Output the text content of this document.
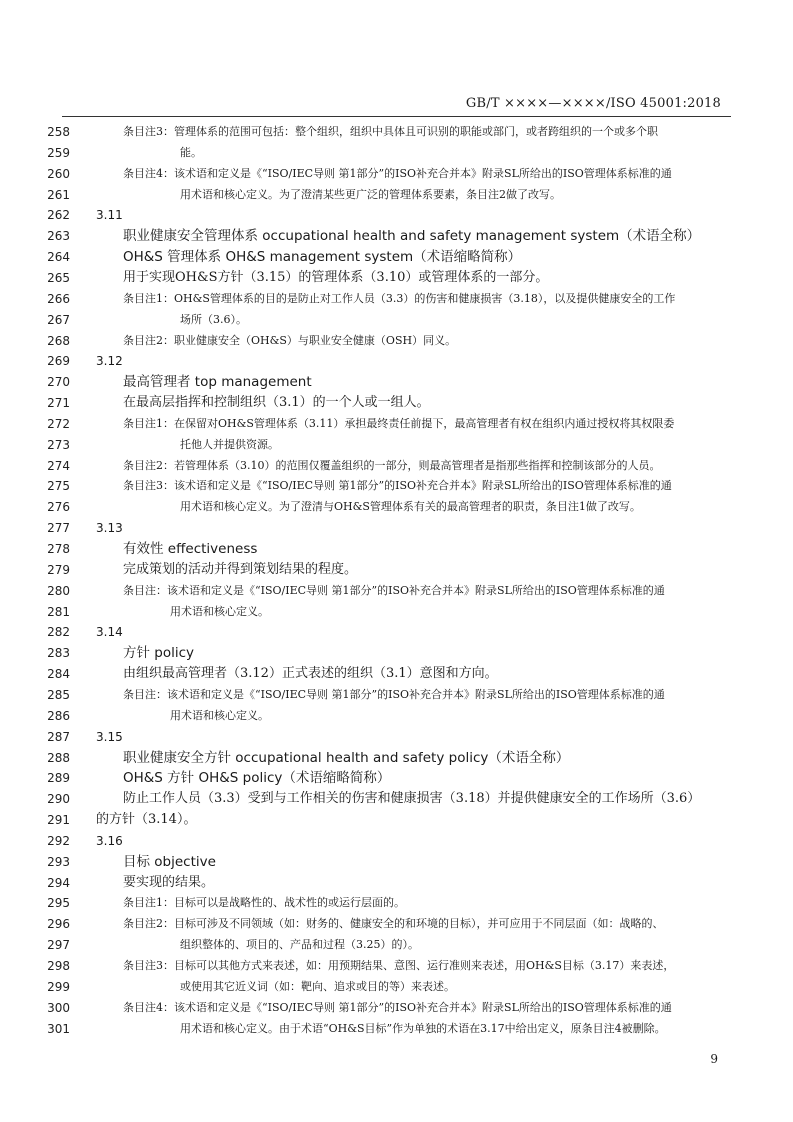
GB/T ××××—××××/ISO 45001:2018
258	条目注3：管理体系的范围可包括：整个组织，组织中具体且可识别的职能或部门，或者跨组织的一个或多个职
259	能。
260	条目注4：该术语和定义是《“ISO/IEC导则 第1部分”的ISO补充合并本》附录SL所给出的ISO管理体系标准的通
261	用术语和核心定义。为了澄清某些更广泛的管理体系要素，条目注2做了改写。
262 3.11
263	职业健康安全管理体系 occupational health and safety management system（术语全称）
264	OH&S 管理体系 OH&S management system（术语缩略简称）
265	用于实现OH&S方针（3.15）的管理体系（3.10）或管理体系的一部分。
266	条目注1：OH&S管理体系的目的是防止对工作人员（3.3）的伤害和健康损害（3.18），以及提供健康安全的工作
267	场所（3.6）。
268	条目注2：职业健康安全（OH&S）与职业安全健康（OSH）同义。
269 3.12
270	最高管理者 top management
271	在最高层指挥和控制组织（3.1）的一个人或一组人。
272	条目注1：在保留对OH&S管理体系（3.11）承担最终责任前提下，最高管理者有权在组织内通过授权将其权限委
273	托他人并提供资源。
274	条目注2：若管理体系（3.10）的范围仅覆盖组织的一部分，则最高管理者是指那些指挥和控制该部分的人员。
275	条目注3：该术语和定义是《“ISO/IEC导则 第1部分”的ISO补充合并本》附录SL所给出的ISO管理体系标准的通
276	用术语和核心定义。为了澄清与OH&S管理体系有关的最高管理者的职责，条目注1做了改写。
277 3.13
278	有效性 effectiveness
279	完成策划的活动并得到策划结果的程度。
280	条目注：该术语和定义是《“ISO/IEC导则 第1部分”的ISO补充合并本》附录SL所给出的ISO管理体系标准的通
281	用术语和核心定义。
282 3.14
283	方针 policy
284	由组织最高管理者（3.12）正式表述的组织（3.1）意图和方向。
285	条目注：该术语和定义是《“ISO/IEC导则 第1部分”的ISO补充合并本》附录SL所给出的ISO管理体系标准的通
286	用术语和核心定义。
287 3.15
288	职业健康安全方针 occupational health and safety policy（术语全称）
289	OH&S 方针 OH&S policy（术语缩略简称）
290	防止工作人员（3.3）受到与工作相关的伤害和健康损害（3.18）并提供健康安全的工作场所（3.6）
291 的方针（3.14）。
292 3.16
293	目标 objective
294	要实现的结果。
295	条目注1：目标可以是战略性的、战术性的或运行层面的。
296	条目注2：目标可涉及不同领域（如：财务的、健康安全的和环境的目标），并可应用于不同层面（如：战略的、
297	组织整体的、项目的、产品和过程（3.25）的）。
298	条目注3：目标可以其他方式来表述，如：用预期结果、意图、运行准则来表述，用OH&S目标（3.17）来表述，
299	或使用其它近义词（如：靶向、追求或目的等）来表述。
300	条目注4：该术语和定义是《“ISO/IEC导则 第1部分”的ISO补充合并本》附录SL所给出的ISO管理体系标准的通
301	用术语和核心定义。由于术语“OH&S目标”作为单独的术语在3.17中给出定义，原条目注4被删除。
9
